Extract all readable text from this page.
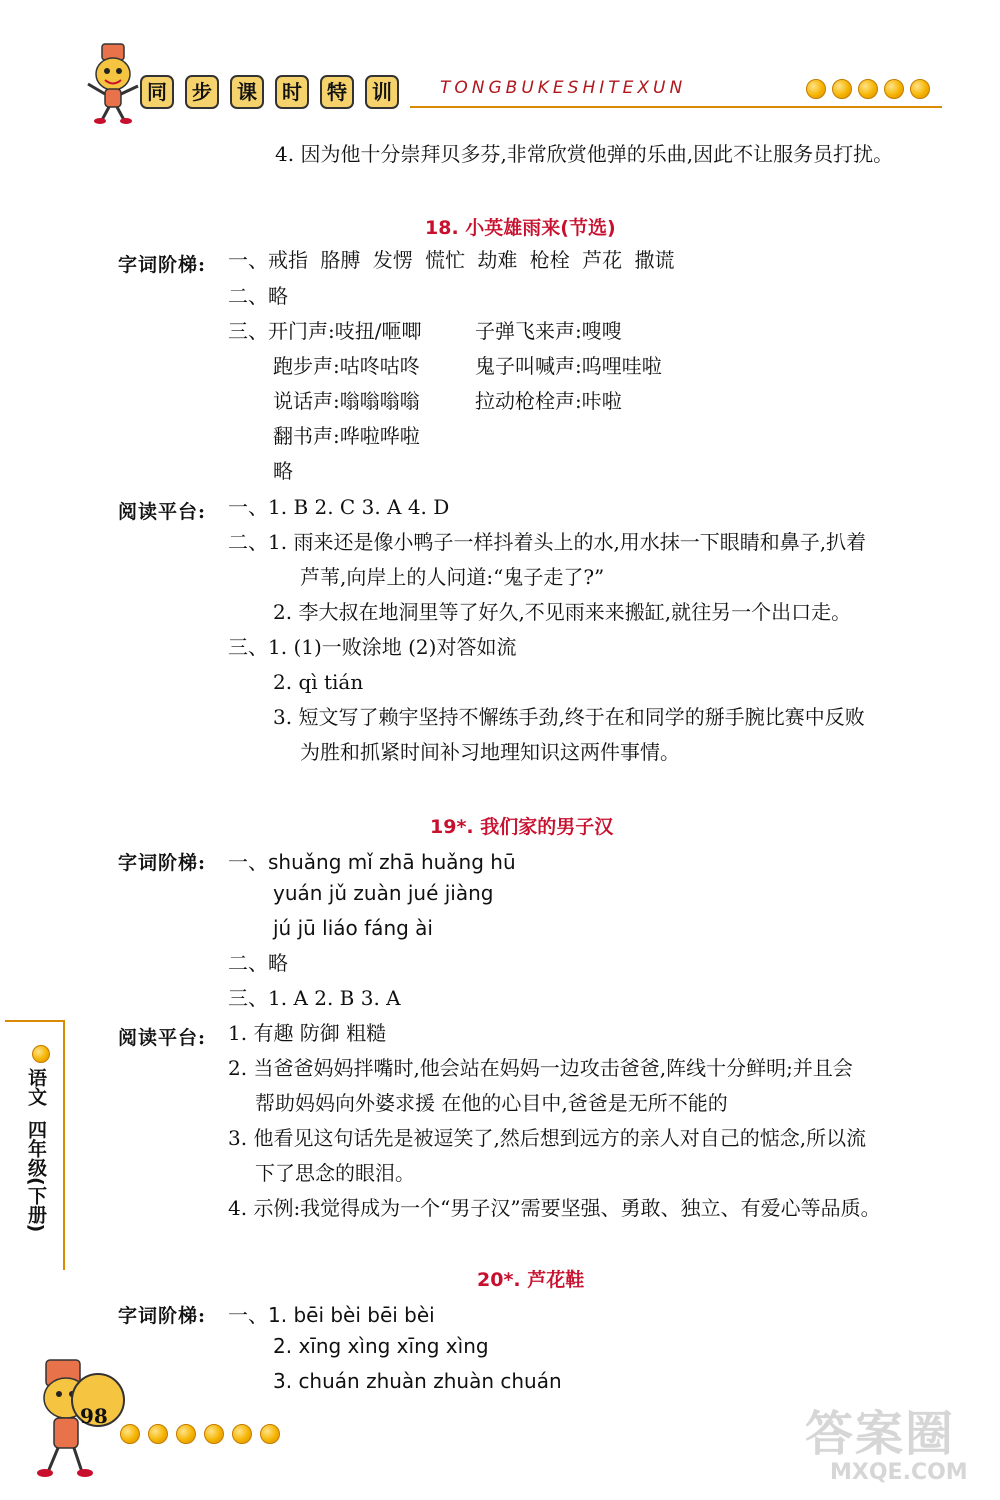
同	步	课	时	特	训	TONGBUKESHITEXUN
4. 因为他十分崇拜贝多芬,非常欣赏他弹的乐曲,因此不让服务员打扰。
18. 小英雄雨来(节选)
字词阶梯: 一、戒指 胳膊 发愣 慌忙 劫难 枪栓 芦花 撒谎
二、略
三、开门声:吱扭/咂唧	子弹飞来声:嗖嗖
跑步声:咕咚咕咚	鬼子叫喊声:呜哩哇啦
说话声:嗡嗡嗡嗡	拉动枪栓声:咔啦
翻书声:哗啦哗啦
略
阅读平台: 一、1. B 2. C 3. A 4. D
二、1. 雨来还是像小鸭子一样抖着头上的水,用水抹一下眼睛和鼻子,扒着
芦苇,向岸上的人问道:“鬼子走了?”
2. 李大叔在地洞里等了好久,不见雨来来搬缸,就往另一个出口走。
三、1. (1)一败涂地 (2)对答如流
2. qì tián
3. 短文写了赖宇坚持不懈练手劲,终于在和同学的掰手腕比赛中反败
为胜和抓紧时间补习地理知识这两件事情。
19*. 我们家的男子汉
字词阶梯: 一、shuǎng mǐ zhā huǎng hū
yuán jǔ zuàn jué jiàng
jú jū liáo fáng ài
二、略
三、1. A 2. B 3. A
阅读平台: 1. 有趣 防御 粗糙
2. 当爸爸妈妈拌嘴时,他会站在妈妈一边攻击爸爸,阵线十分鲜明;并且会
帮助妈妈向外婆求援 在他的心目中,爸爸是无所不能的
3. 他看见这句话先是被逗笑了,然后想到远方的亲人对自己的惦念,所以流
下了思念的眼泪。
4. 示例:我觉得成为一个“男子汉”需要坚强、勇敢、独立、有爱心等品质。
20*. 芦花鞋
字词阶梯: 一、1. bēi bèi bēi bèi
2. xīng xìng xīng xìng
3. chuán zhuàn zhuàn chuán
语文
四年级(下册)
98	答案圈
MXQE.COM
